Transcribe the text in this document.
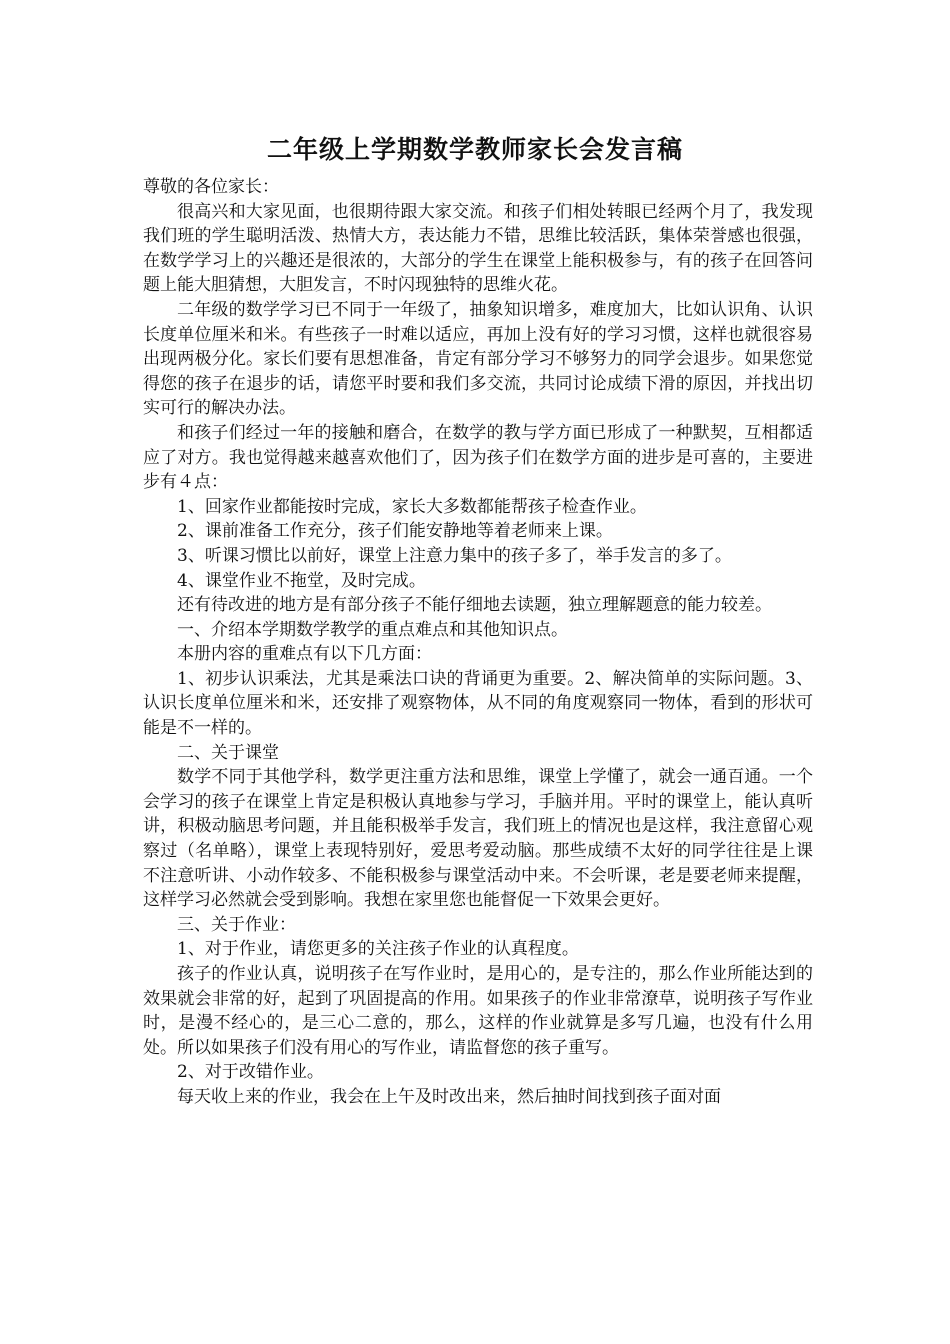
二年级上学期数学教师家长会发言稿

尊敬的各位家长：

很高兴和大家见面，也很期待跟大家交流。和孩子们相处转眼已经两个月了，我发现我们班的学生聪明活泼、热情大方，表达能力不错，思维比较活跃，集体荣誉感也很强，在数学学习上的兴趣还是很浓的，大部分的学生在课堂上能积极参与，有的孩子在回答问题上能大胆猜想，大胆发言，不时闪现独特的思维火花。

二年级的数学学习已不同于一年级了，抽象知识增多，难度加大，比如认识角、认识长度单位厘米和米。有些孩子一时难以适应，再加上没有好的学习习惯，这样也就很容易出现两极分化。家长们要有思想准备，肯定有部分学习不够努力的同学会退步。如果您觉得您的孩子在退步的话，请您平时要和我们多交流，共同讨论成绩下滑的原因，并找出切实可行的解决办法。

和孩子们经过一年的接触和磨合，在数学的教与学方面已形成了一种默契，互相都适应了对方。我也觉得越来越喜欢他们了，因为孩子们在数学方面的进步是可喜的，主要进步有４点：

1、回家作业都能按时完成，家长大多数都能帮孩子检查作业。

2、课前准备工作充分，孩子们能安静地等着老师来上课。

3、听课习惯比以前好，课堂上注意力集中的孩子多了，举手发言的多了。

4、课堂作业不拖堂，及时完成。

还有待改进的地方是有部分孩子不能仔细地去读题，独立理解题意的能力较差。

一、介绍本学期数学教学的重点难点和其他知识点。

本册内容的重难点有以下几方面：

1、初步认识乘法，尤其是乘法口诀的背诵更为重要。2、解决简单的实际问题。3、认识长度单位厘米和米，还安排了观察物体，从不同的角度观察同一物体，看到的形状可能是不一样的。

二、关于课堂

数学不同于其他学科，数学更注重方法和思维，课堂上学懂了，就会一通百通。一个会学习的孩子在课堂上肯定是积极认真地参与学习，手脑并用。平时的课堂上，能认真听讲，积极动脑思考问题，并且能积极举手发言，我们班上的情况也是这样，我注意留心观察过（名单略），课堂上表现特别好，爱思考爱动脑。那些成绩不太好的同学往往是上课不注意听讲、小动作较多、不能积极参与课堂活动中来。不会听课，老是要老师来提醒，这样学习必然就会受到影响。我想在家里您也能督促一下效果会更好。

三、关于作业：

1、对于作业，请您更多的关注孩子作业的认真程度。

孩子的作业认真，说明孩子在写作业时，是用心的，是专注的，那么作业所能达到的效果就会非常的好，起到了巩固提高的作用。如果孩子的作业非常潦草，说明孩子写作业时，是漫不经心的，是三心二意的，那么，这样的作业就算是多写几遍，也没有什么用处。所以如果孩子们没有用心的写作业，请监督您的孩子重写。

2、对于改错作业。

每天收上来的作业，我会在上午及时改出来，然后抽时间找到孩子面对面
